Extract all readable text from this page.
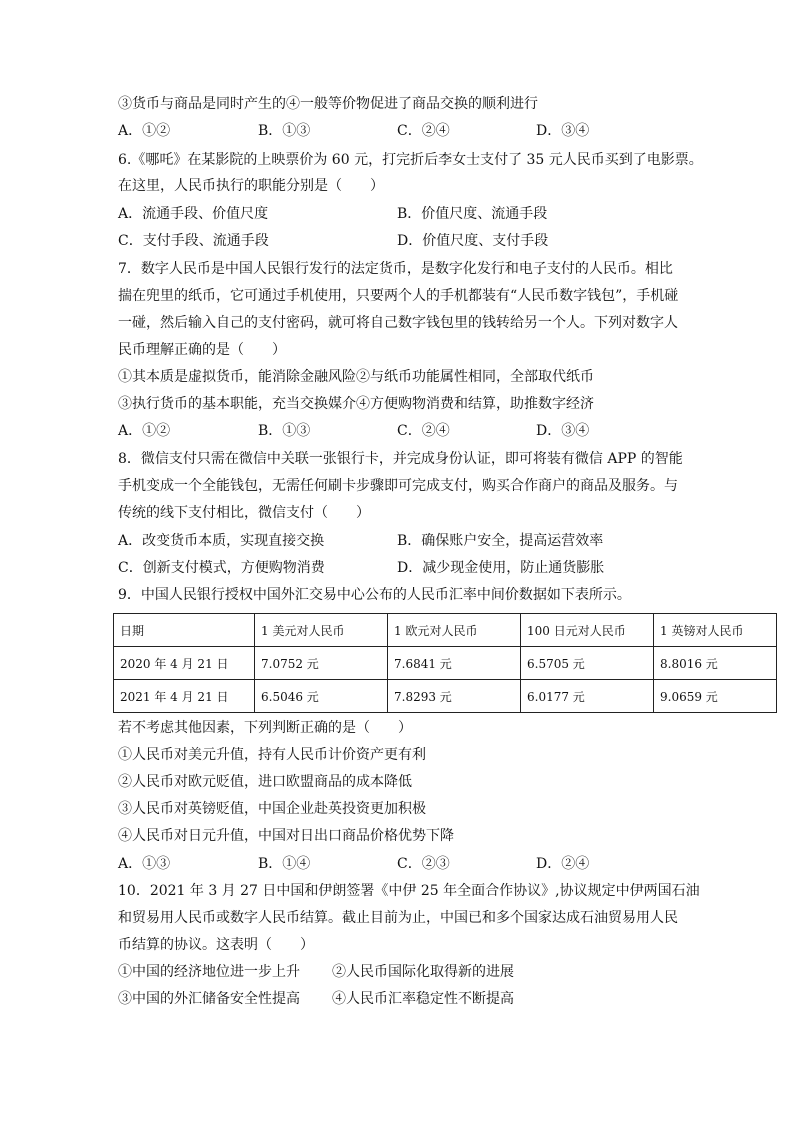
③货币与商品是同时产生的④一般等价物促进了商品交换的顺利进行
A．①②	B．①③	C．②④	D．③④
6.《哪吒》在某影院的上映票价为 60 元，打完折后李女士支付了 35 元人民币买到了电影票。
在这里，人民币执行的职能分别是（　　）
A．流通手段、价值尺度	B．价值尺度、流通手段
C．支付手段、流通手段	D．价值尺度、支付手段
7．数字人民币是中国人民银行发行的法定货币，是数字化发行和电子支付的人民币。相比
揣在兜里的纸币，它可通过手机使用，只要两个人的手机都装有“人民币数字钱包”，手机碰
一碰，然后输入自己的支付密码，就可将自己数字钱包里的钱转给另一个人。下列对数字人
民币理解正确的是（　　）
①其本质是虚拟货币，能消除金融风险②与纸币功能属性相同，全部取代纸币
③执行货币的基本职能，充当交换媒介④方便购物消费和结算，助推数字经济
A．①②	B．①③	C．②④	D．③④
8．微信支付只需在微信中关联一张银行卡，并完成身份认证，即可将装有微信 APP 的智能
手机变成一个全能钱包，无需任何刷卡步骤即可完成支付，购买合作商户的商品及服务。与
传统的线下支付相比，微信支付（　　）
A．改变货币本质，实现直接交换	B．确保账户安全，提高运营效率
C．创新支付模式，方便购物消费	D．减少现金使用，防止通货膨胀
9．中国人民银行授权中国外汇交易中心公布的人民币汇率中间价数据如下表所示。
日期	1 美元对人民币	1 欧元对人民币	100 日元对人民币	1 英镑对人民币
2020 年 4 月 21 日	7.0752 元	7.6841 元	6.5705 元	8.8016 元
2021 年 4 月 21 日	6.5046 元	7.8293 元	6.0177 元	9.0659 元
若不考虑其他因素，下列判断正确的是（　　）
①人民币对美元升值，持有人民币计价资产更有利
②人民币对欧元贬值，进口欧盟商品的成本降低
③人民币对英镑贬值，中国企业赴英投资更加积极
④人民币对日元升值，中国对日出口商品价格优势下降
A．①③	B．①④	C．②③	D．②④
10．2021 年 3 月 27 日中国和伊朗签署《中伊 25 年全面合作协议》,协议规定中伊两国石油
和贸易用人民币或数字人民币结算。截止目前为止，中国已和多个国家达成石油贸易用人民
币结算的协议。这表明（　　）
①中国的经济地位进一步上升 ②人民币国际化取得新的进展
③中国的外汇储备安全性提高 ④人民币汇率稳定性不断提高
